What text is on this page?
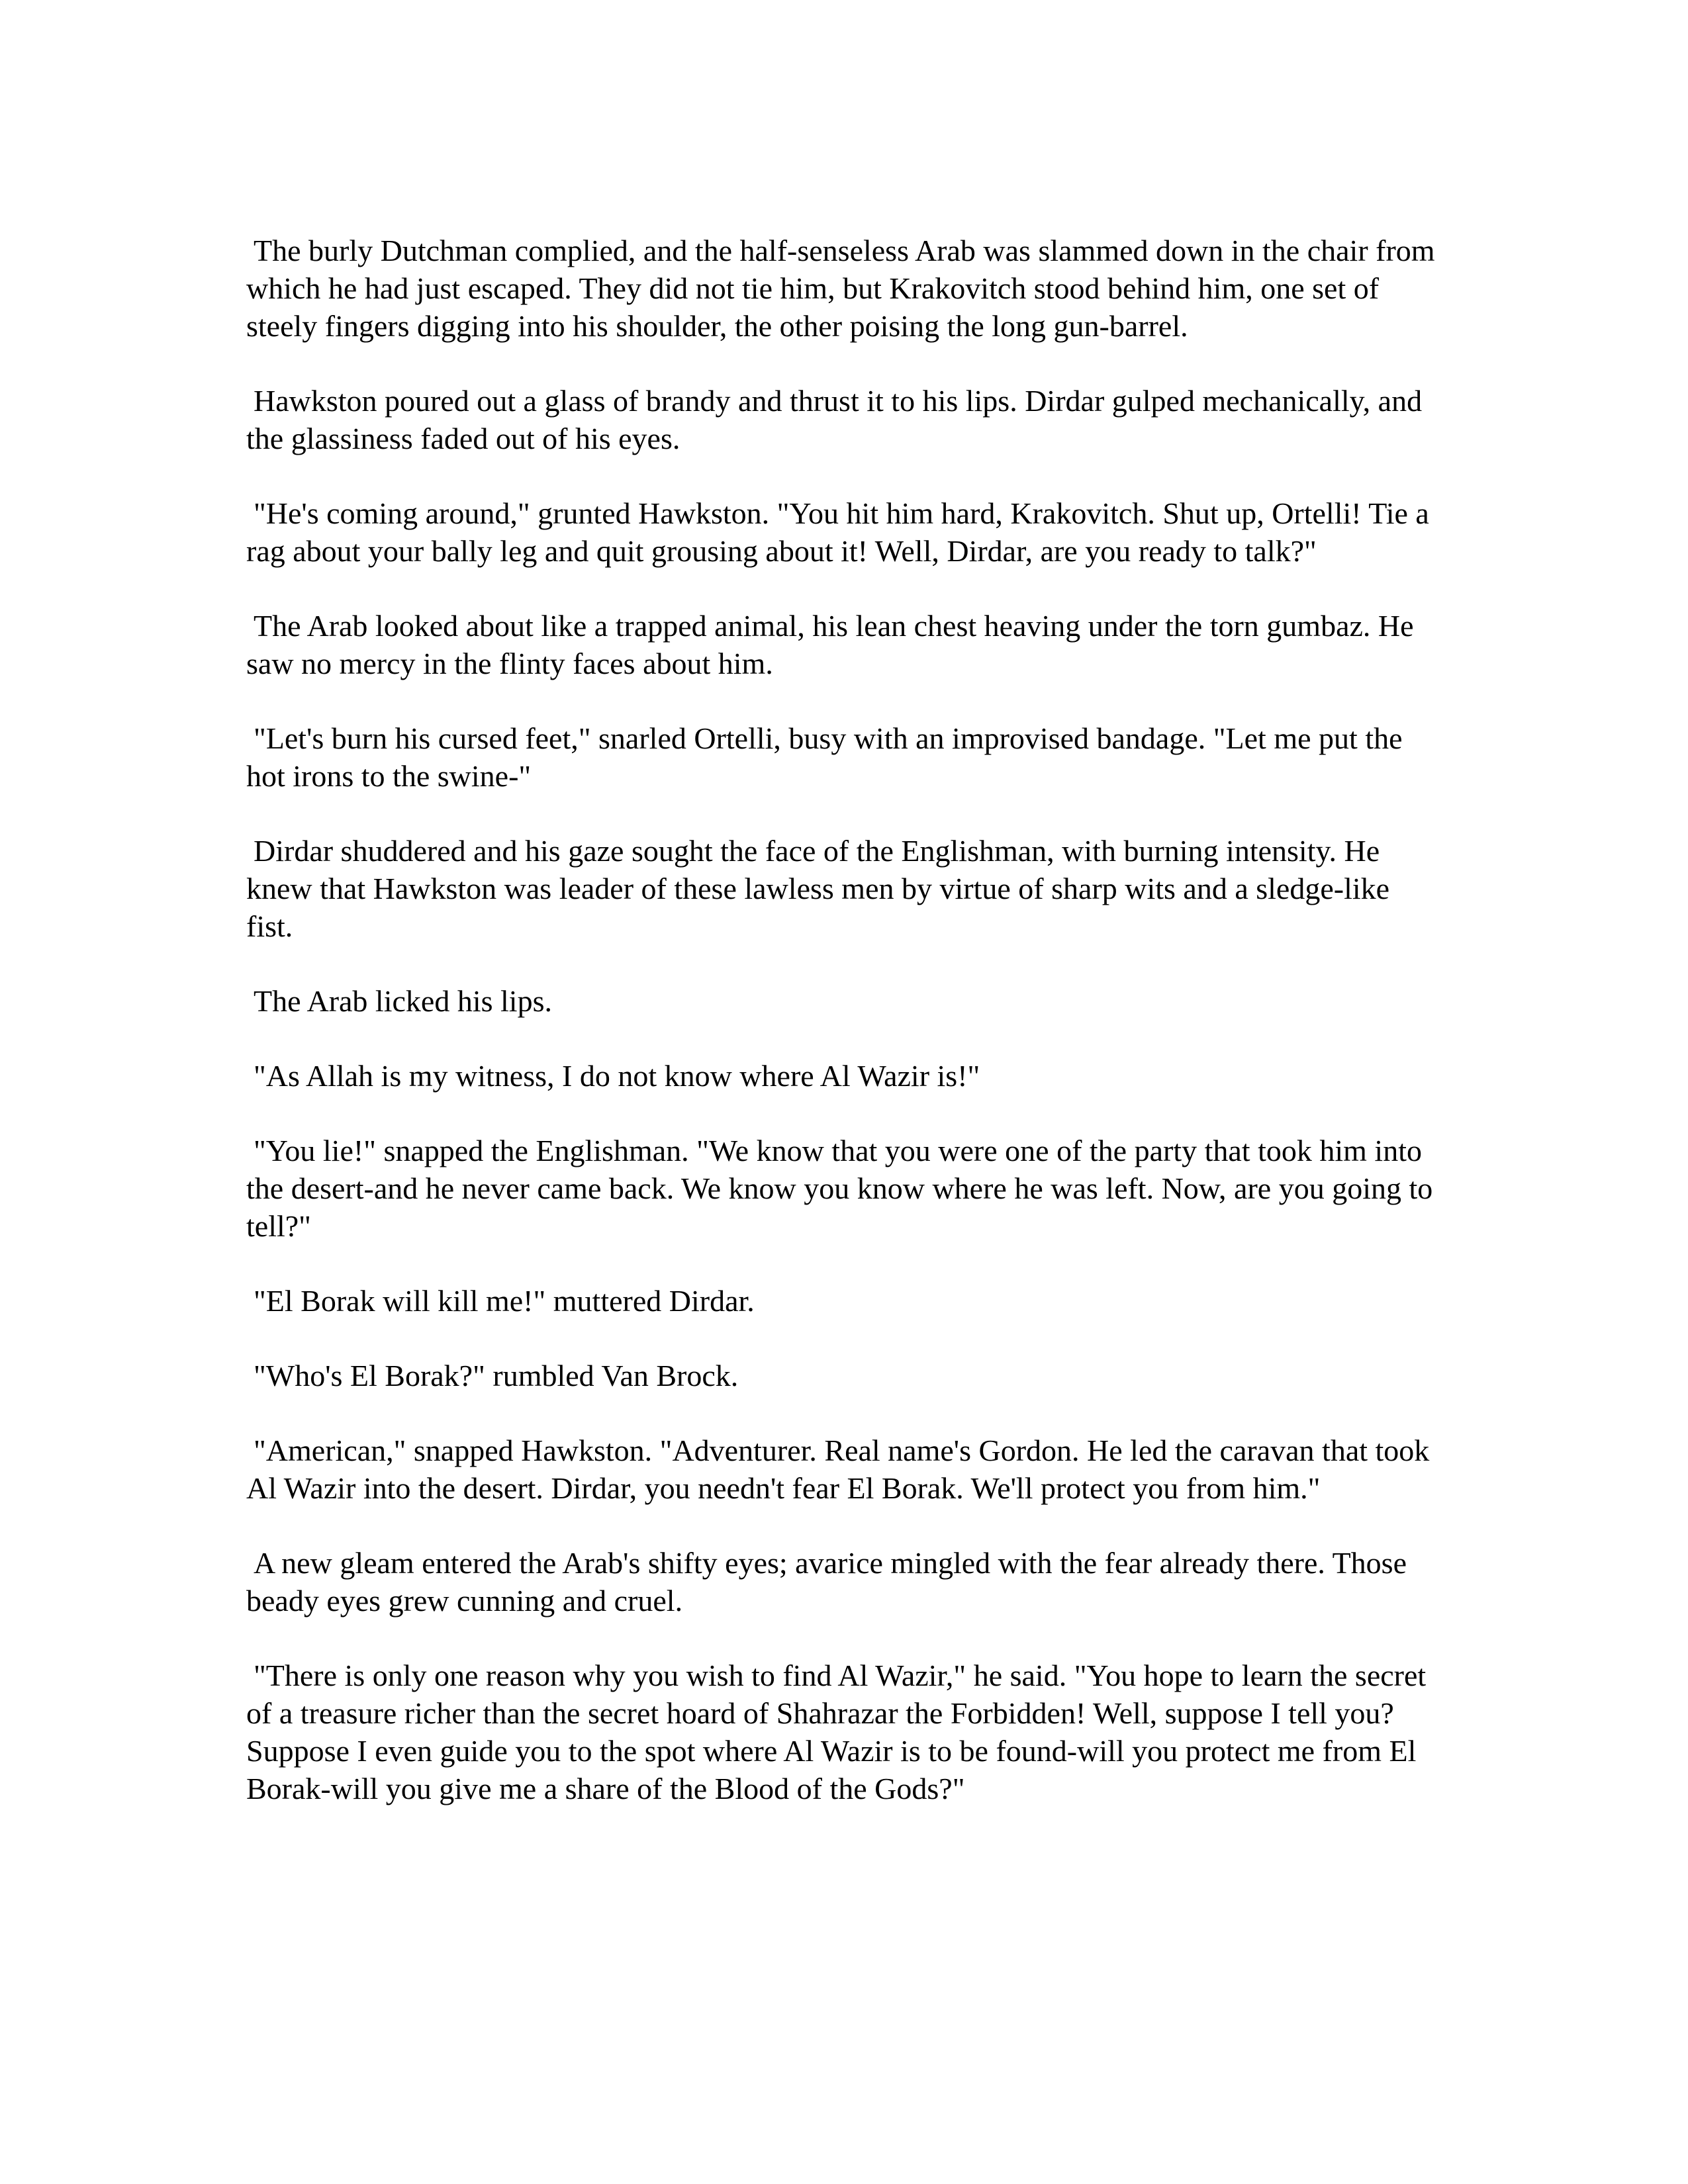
The burly Dutchman complied, and the half-senseless Arab was slammed down in the chair from which he had just escaped. They did not tie him, but Krakovitch stood behind him, one set of steely fingers digging into his shoulder, the other poising the long gun-barrel.

Hawkston poured out a glass of brandy and thrust it to his lips. Dirdar gulped mechanically, and the glassiness faded out of his eyes.

"He's coming around," grunted Hawkston. "You hit him hard, Krakovitch. Shut up, Ortelli! Tie a rag about your bally leg and quit grousing about it! Well, Dirdar, are you ready to talk?"

The Arab looked about like a trapped animal, his lean chest heaving under the torn gumbaz. He saw no mercy in the flinty faces about him.

"Let's burn his cursed feet," snarled Ortelli, busy with an improvised bandage. "Let me put the hot irons to the swine-"

Dirdar shuddered and his gaze sought the face of the Englishman, with burning intensity. He knew that Hawkston was leader of these lawless men by virtue of sharp wits and a sledge-like fist.

The Arab licked his lips.

"As Allah is my witness, I do not know where Al Wazir is!"

"You lie!" snapped the Englishman. "We know that you were one of the party that took him into the desert-and he never came back. We know you know where he was left. Now, are you going to tell?"

"El Borak will kill me!" muttered Dirdar.

"Who's El Borak?" rumbled Van Brock.

"American," snapped Hawkston. "Adventurer. Real name's Gordon. He led the caravan that took Al Wazir into the desert. Dirdar, you needn't fear El Borak. We'll protect you from him."

A new gleam entered the Arab's shifty eyes; avarice mingled with the fear already there. Those beady eyes grew cunning and cruel.

"There is only one reason why you wish to find Al Wazir," he said. "You hope to learn the secret of a treasure richer than the secret hoard of Shahrazar the Forbidden! Well, suppose I tell you? Suppose I even guide you to the spot where Al Wazir is to be found-will you protect me from El Borak-will you give me a share of the Blood of the Gods?"
